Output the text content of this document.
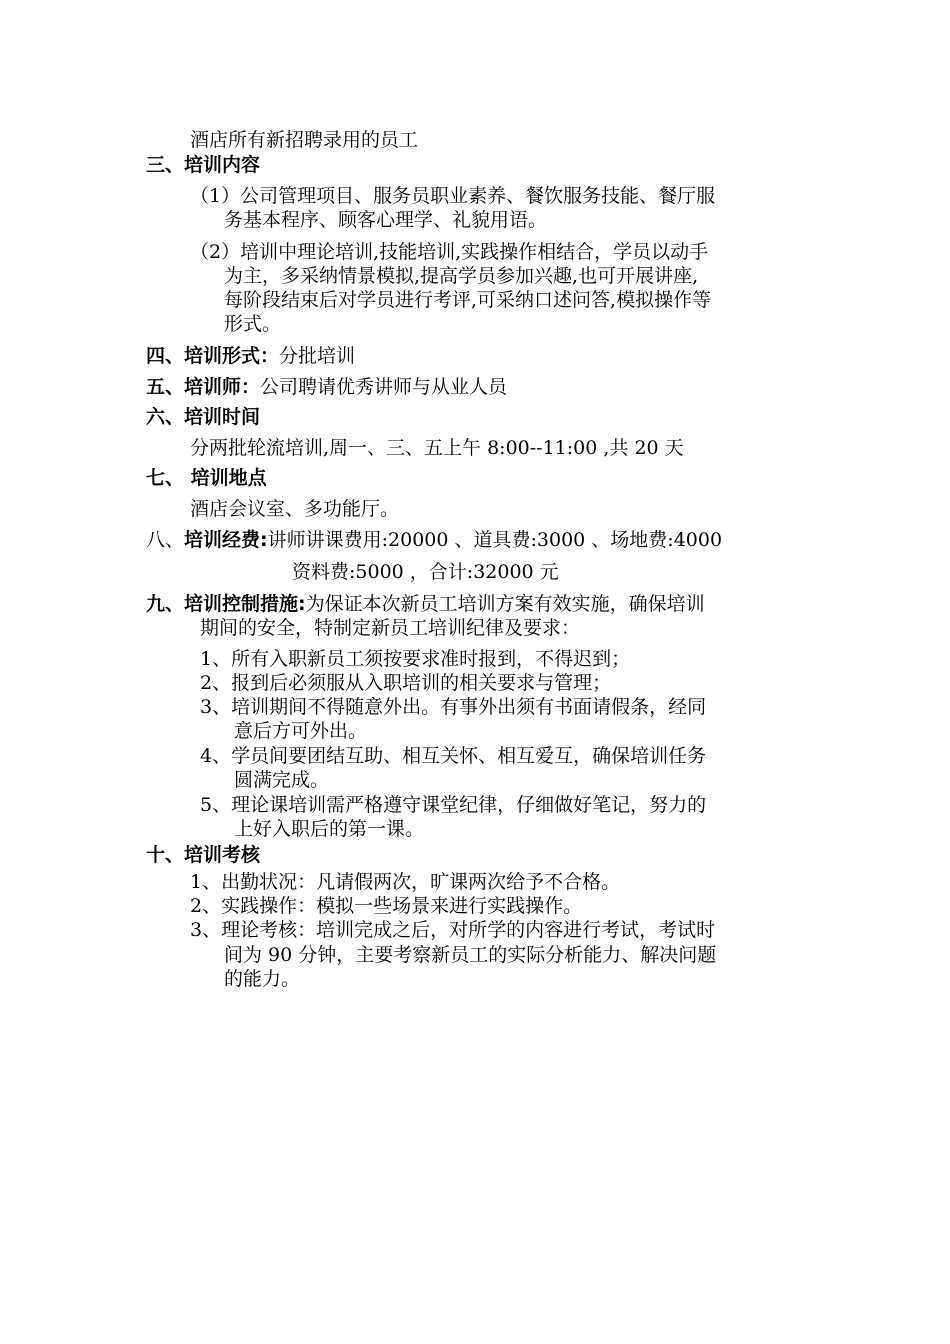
酒店所有新招聘录用的员工
三、培训内容
（1）公司管理项目、服务员职业素养、餐饮服务技能、餐厅服
务基本程序、顾客心理学、礼貌用语。
（2）培训中理论培训,技能培训,实践操作相结合，学员以动手
为主，多采纳情景模拟,提高学员参加兴趣,也可开展讲座,
每阶段结束后对学员进行考评,可采纳口述问答,模拟操作等
形式。
四、培训形式：分批培训
五、培训师：公司聘请优秀讲师与从业人员
六、培训时间
分两批轮流培训,周一、三、五上午 8:00--11:00 ,共 20 天
七、 培训地点
酒店会议室、多功能厅。
八、培训经费:讲师讲课费用:20000 、道具费:3000 、场地费:4000
资料费:5000 ，合计:32000 元
九、培训控制措施:为保证本次新员工培训方案有效实施，确保培训
期间的安全，特制定新员工培训纪律及要求：
1、所有入职新员工须按要求准时报到，不得迟到；
2、报到后必须服从入职培训的相关要求与管理；
3、培训期间不得随意外出。有事外出须有书面请假条，经同
意后方可外出。
4、学员间要团结互助、相互关怀、相互爱互，确保培训任务
圆满完成。
5、理论课培训需严格遵守课堂纪律，仔细做好笔记，努力的
上好入职后的第一课。
十、培训考核
1、出勤状况：凡请假两次，旷课两次给予不合格。
2、实践操作：模拟一些场景来进行实践操作。
3、理论考核：培训完成之后，对所学的内容进行考试，考试时
间为 90 分钟，主要考察新员工的实际分析能力、解决问题
的能力。
